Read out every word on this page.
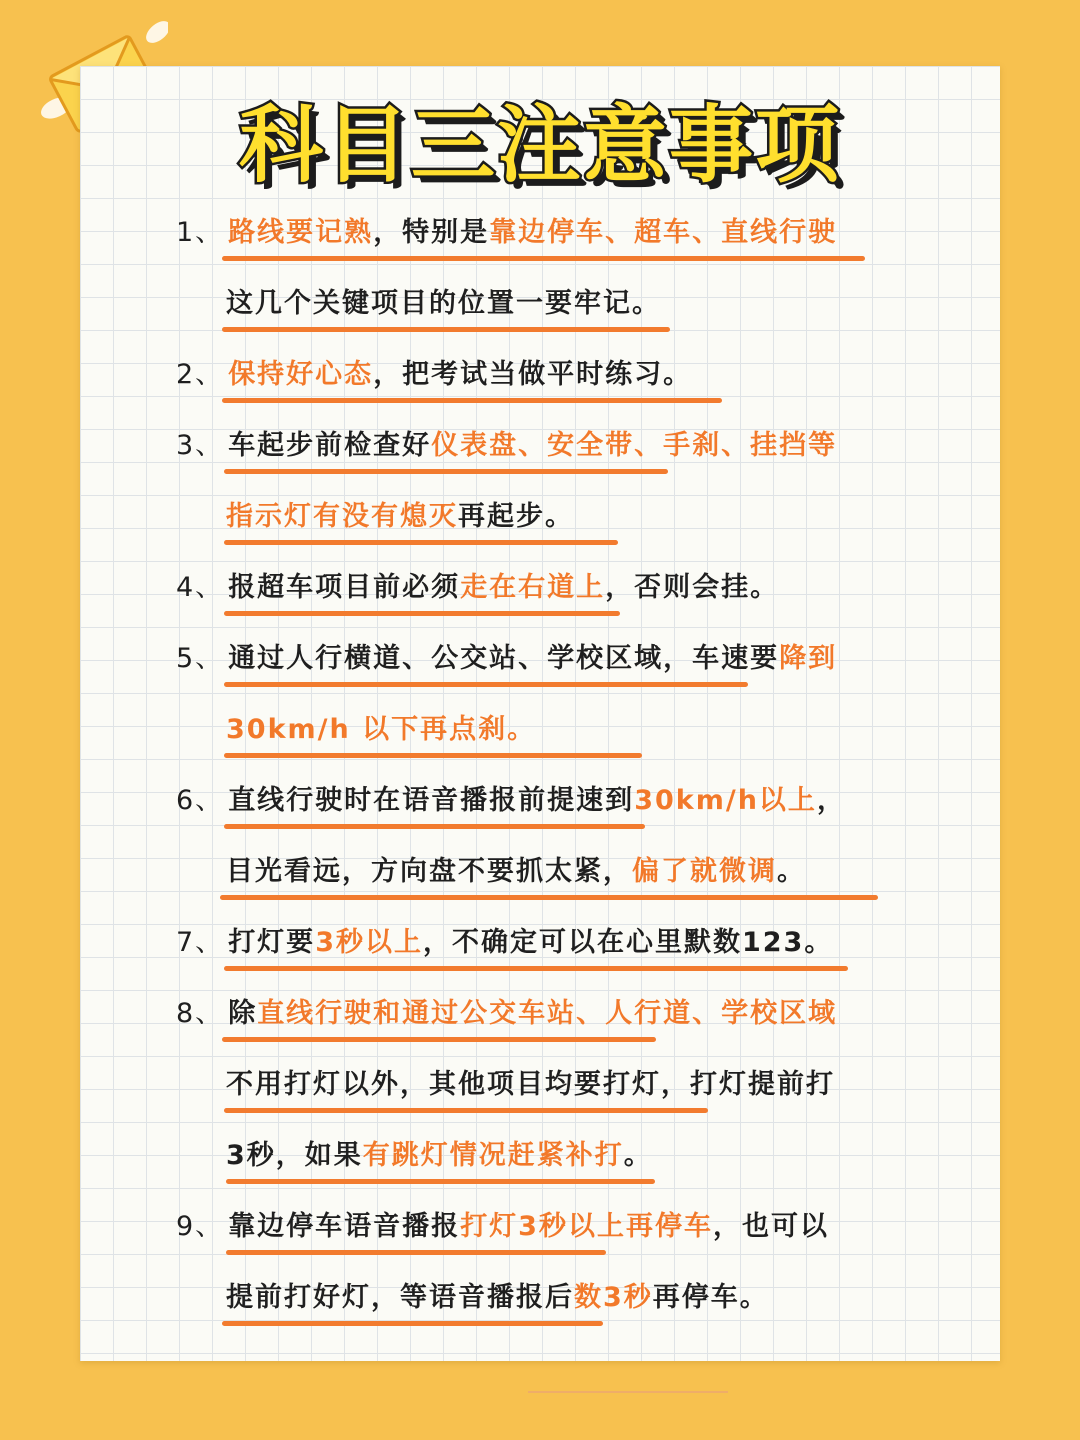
科目三注意事项
1、 路线要记熟，特别是靠边停车、超车、直线行驶
这几个关键项目的位置一要牢记。
2、 保持好心态，把考试当做平时练习。
3、 车起步前检查好仪表盘、安全带、手刹、挂挡等
指示灯有没有熄灭再起步。
4、 报超车项目前必须走在右道上，否则会挂。
5、 通过人行横道、公交站、学校区域，车速要降到
30km/h 以下再点刹。
6、 直线行驶时在语音播报前提速到30km/h以上，
目光看远，方向盘不要抓太紧，偏了就微调。
7、 打灯要3秒以上，不确定可以在心里默数123。
8、 除直线行驶和通过公交车站、人行道、学校区域
不用打灯以外，其他项目均要打灯，打灯提前打
3秒，如果有跳灯情况赶紧补打。
9、 靠边停车语音播报打灯3秒以上再停车，也可以
提前打好灯，等语音播报后数3秒再停车。
